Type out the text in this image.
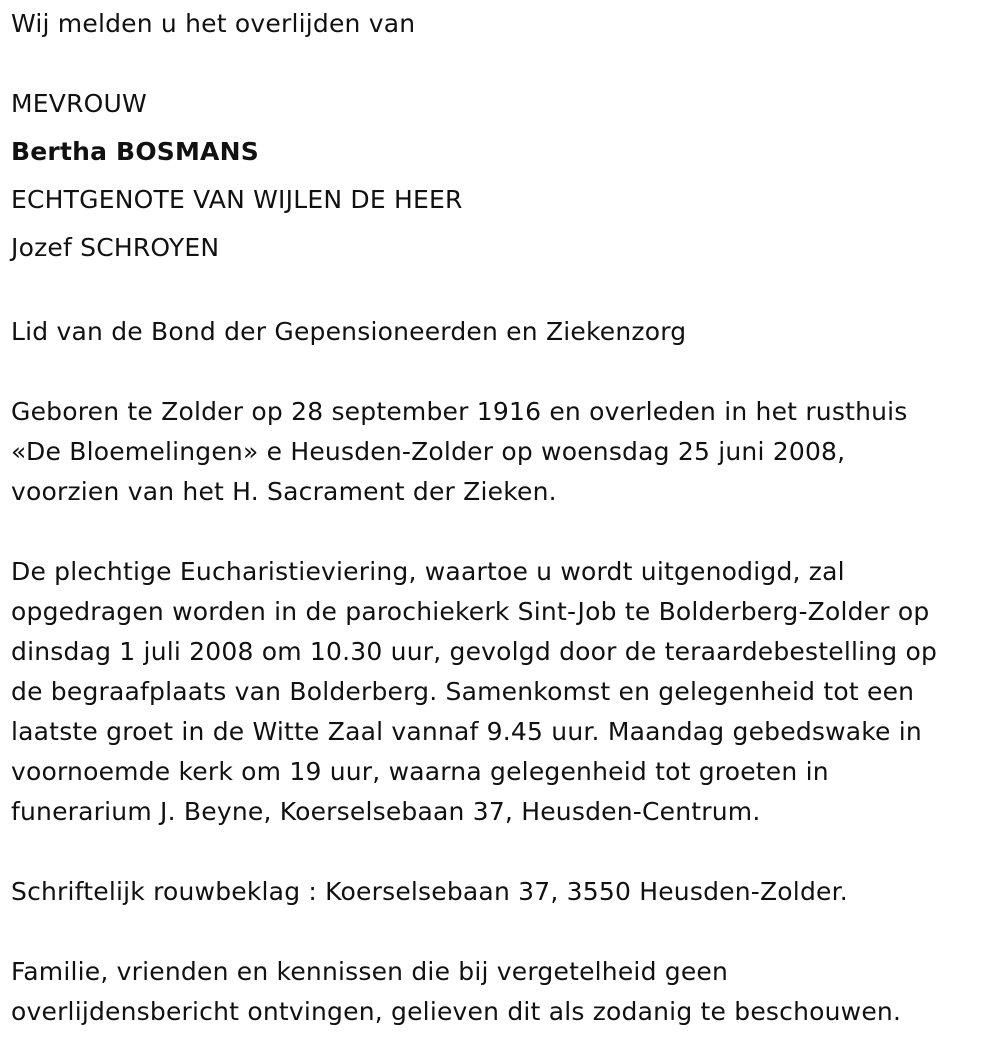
Wij melden u het overlijden van
MEVROUW
Bertha BOSMANS
ECHTGENOTE VAN WIJLEN DE HEER
Jozef SCHROYEN
Lid van de Bond der Gepensioneerden en Ziekenzorg
Geboren te Zolder op 28 september 1916 en overleden in het rusthuis
«De Bloemelingen» e Heusden-Zolder op woensdag 25 juni 2008,
voorzien van het H. Sacrament der Zieken.
De plechtige Eucharistieviering, waartoe u wordt uitgenodigd, zal
opgedragen worden in de parochiekerk Sint-Job te Bolderberg-Zolder op
dinsdag 1 juli 2008 om 10.30 uur, gevolgd door de teraardebestelling op
de begraafplaats van Bolderberg. Samenkomst en gelegenheid tot een
laatste groet in de Witte Zaal vannaf 9.45 uur. Maandag gebedswake in
voornoemde kerk om 19 uur, waarna gelegenheid tot groeten in
funerarium J. Beyne, Koerselsebaan 37, Heusden-Centrum.
Schriftelijk rouwbeklag : Koerselsebaan 37, 3550 Heusden-Zolder.
Familie, vrienden en kennissen die bij vergetelheid geen
overlijdensbericht ontvingen, gelieven dit als zodanig te beschouwen.
